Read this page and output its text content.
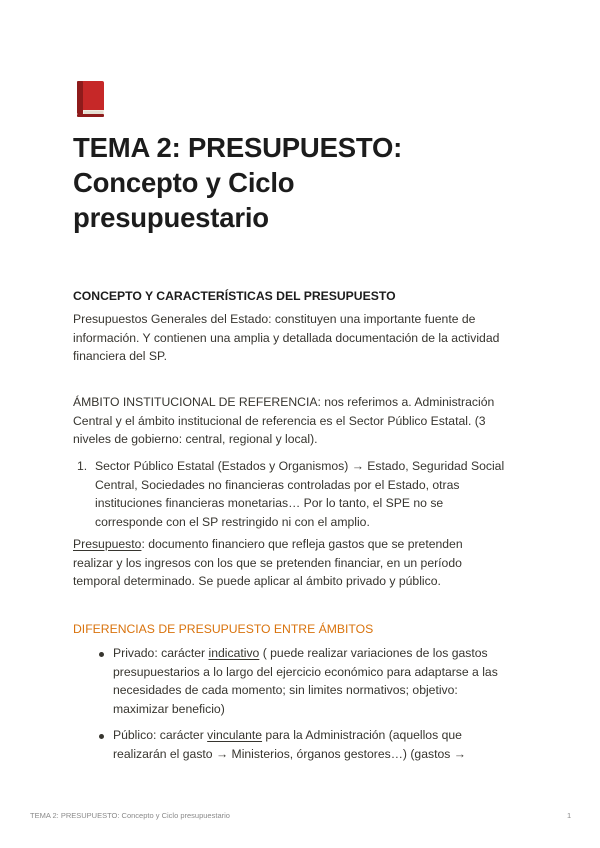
TEMA 2: PRESUPUESTO:
Concepto y Ciclo
presupuestario

CONCEPTO Y CARACTERÍSTICAS DEL PRESUPUESTO

Presupuestos Generales del Estado: constituyen una importante fuente de
información. Y contienen una amplia y detallada documentación de la actividad
financiera del SP.
ÁMBITO INSTITUCIONAL DE REFERENCIA: nos referimos a. Administración
Central y el ámbito institucional de referencia es el Sector Público Estatal. (3
niveles de gobierno: central, regional y local).
1. Sector Público Estatal (Estados y Organismos) → Estado, Seguridad Social
Central, Sociedades no financieras controladas por el Estado, otras
instituciones financieras monetarias… Por lo tanto, el SPE no se
corresponde con el SP restringido ni con el amplio.
Presupuesto: documento financiero que refleja gastos que se pretenden
realizar y los ingresos con los que se pretenden financiar, en un período
temporal determinado. Se puede aplicar al ámbito privado y público.

DIFERENCIAS DE PRESUPUESTO ENTRE ÁMBITOS

Privado: carácter indicativo ( puede realizar variaciones de los gastos
presupuestarios a lo largo del ejercicio económico para adaptarse a las
necesidades de cada momento; sin limites normativos; objetivo:
maximizar beneficio)
Público: carácter vinculante para la Administración (aquellos que
realizarán el gasto → Ministerios, órganos gestores…) (gastos →
TEMA 2: PRESUPUESTO: Concepto y Ciclo presupuestario	1
